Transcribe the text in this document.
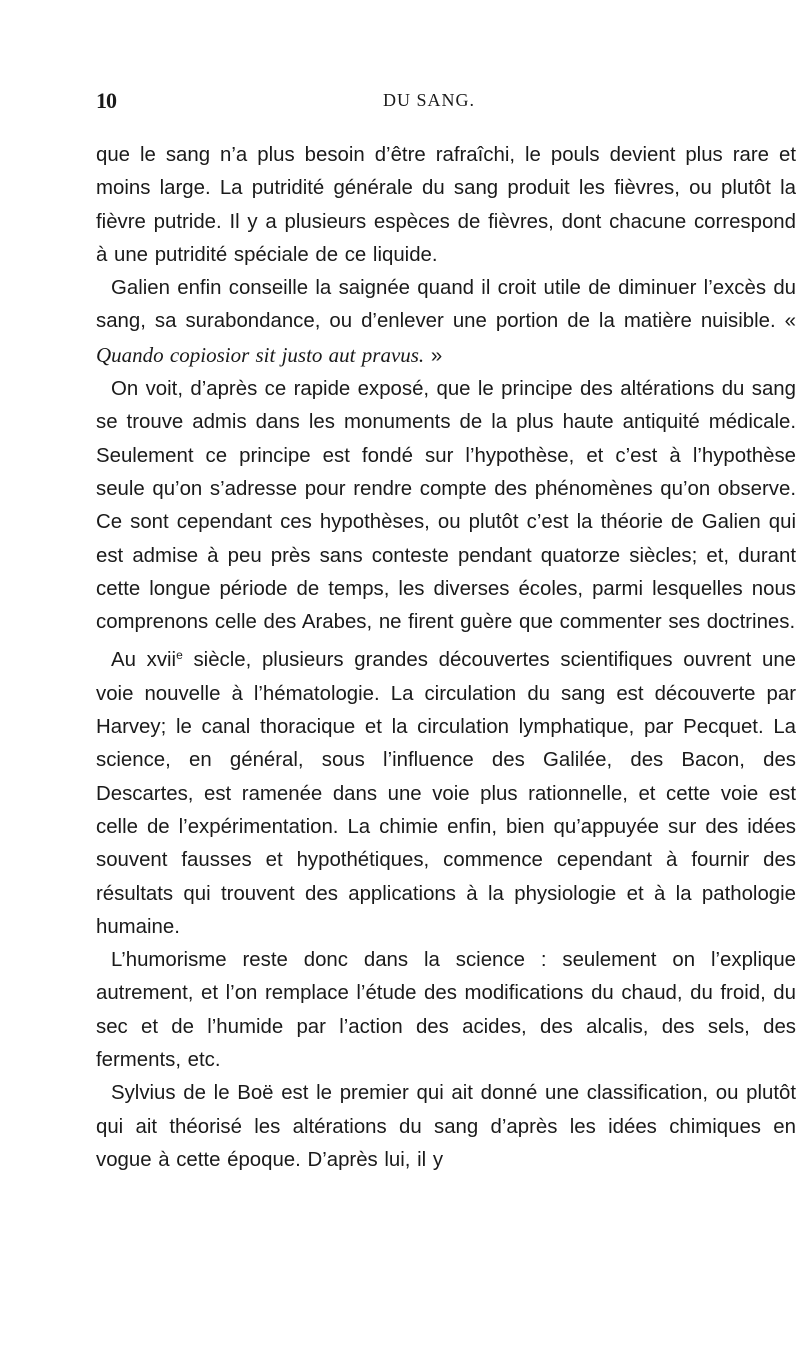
10	DU SANG.

que le sang n’a plus besoin d’être rafraîchi, le pouls devient plus rare et moins large. La putridité générale du sang produit les fièvres, ou plutôt la fièvre putride. Il y a plusieurs espèces de fièvres, dont chacune correspond à une putridité spéciale de ce liquide.

Galien enfin conseille la saignée quand il croit utile de diminuer l’excès du sang, sa surabondance, ou d’enlever une portion de la matière nuisible. « Quando copiosior sit justo aut pravus. »

On voit, d’après ce rapide exposé, que le principe des altérations du sang se trouve admis dans les monuments de la plus haute antiquité médicale. Seulement ce principe est fondé sur l’hypothèse, et c’est à l’hypothèse seule qu’on s’adresse pour rendre compte des phénomènes qu’on observe. Ce sont cependant ces hypothèses, ou plutôt c’est la théorie de Galien qui est admise à peu près sans conteste pendant quatorze siècles; et, durant cette longue période de temps, les diverses écoles, parmi lesquelles nous comprenons celle des Arabes, ne firent guère que commenter ses doctrines.

Au xvii$^e$ siècle, plusieurs grandes découvertes scientifiques ouvrent une voie nouvelle à l’hématologie. La circulation du sang est découverte par Harvey; le canal thoracique et la circulation lymphatique, par Pecquet. La science, en général, sous l’influence des Galilée, des Bacon, des Descartes, est ramenée dans une voie plus rationnelle, et cette voie est celle de l’expérimentation. La chimie enfin, bien qu’appuyée sur des idées souvent fausses et hypothétiques, commence cependant à fournir des résultats qui trouvent des applications à la physiologie et à la pathologie humaine.

L’humorisme reste donc dans la science : seulement on l’explique autrement, et l’on remplace l’étude des modifications du chaud, du froid, du sec et de l’humide par l’action des acides, des alcalis, des sels, des ferments, etc.

Sylvius de le Boë est le premier qui ait donné une classification, ou plutôt qui ait théorisé les altérations du sang d’après les idées chimiques en vogue à cette époque. D’après lui, il y
